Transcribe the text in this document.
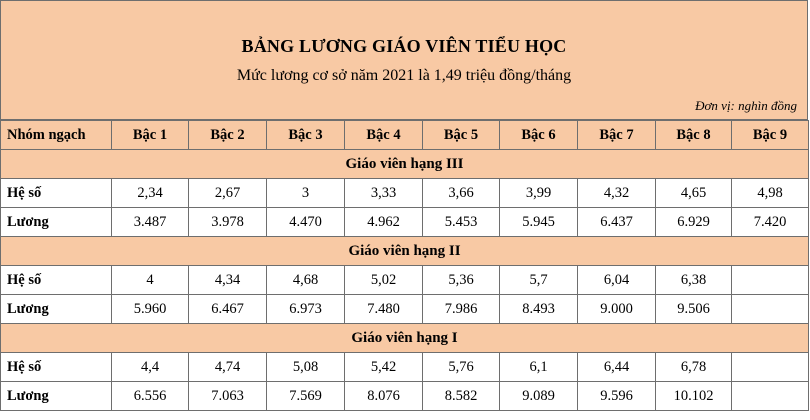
BẢNG LƯƠNG GIÁO VIÊN TIỂU HỌC
Mức lương cơ sở năm 2021 là 1,49 triệu đồng/tháng
Đơn vị: nghìn đồng
Nhóm ngạch	Bậc 1	Bậc 2	Bậc 3	Bậc 4	Bậc 5	Bậc 6	Bậc 7	Bậc 8	Bậc 9
Giáo viên hạng III									
Hệ số	2,34	2,67	3	3,33	3,66	3,99	4,32	4,65	4,98
Lương	3.487	3.978	4.470	4.962	5.453	5.945	6.437	6.929	7.420
Giáo viên hạng II									
Hệ số	4	4,34	4,68	5,02	5,36	5,7	6,04	6,38	
Lương	5.960	6.467	6.973	7.480	7.986	8.493	9.000	9.506	
Giáo viên hạng I									
Hệ số	4,4	4,74	5,08	5,42	5,76	6,1	6,44	6,78	
Lương	6.556	7.063	7.569	8.076	8.582	9.089	9.596	10.102	
